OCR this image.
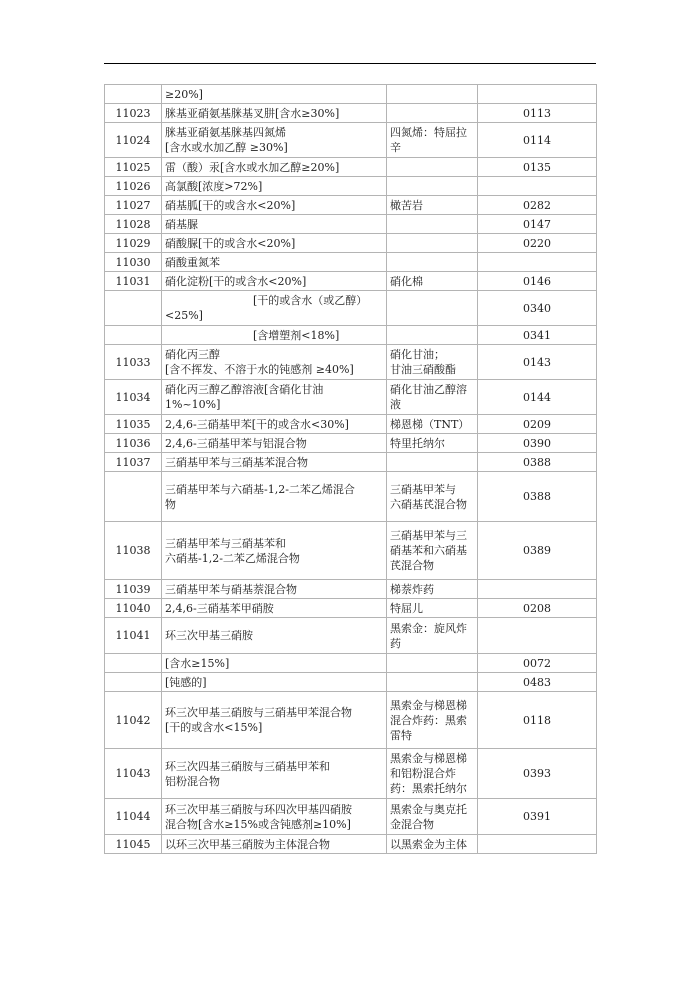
	≥20%]		

11023	脒基亚硝氨基脒基叉肼[含水≥30%]		0113
11024	脒基亚硝氨基脒基四氮烯
[含水或水加乙醇 ≥30%]	四氮烯：特屈拉
辛	0114
11025	雷（酸）汞[含水或水加乙醇≥20%]		0135
11026	高氯酸[浓度>72%]		

11027	硝基胍[干的或含水<20%]	橄苦岩	0282
11028	硝基脲		0147
11029	硝酸脲[干的或含水<20%]		0220
11030	硝酸重氮苯		

11031	硝化淀粉[干的或含水<20%]	硝化棉	0146

	　　　　　　　　[干的或含水（或乙醇）
<25%]		0340

	　　　　　　　　[含增塑剂<18%]		0341
11033	硝化丙三醇
[含不挥发、不溶于水的钝感剂 ≥40%]	硝化甘油；
甘油三硝酸酯	0143
11034	硝化丙三醇乙醇溶液[含硝化甘油
1%~10%]	硝化甘油乙醇溶
液	0144
11035	2,4,6-三硝基甲苯[干的或含水<30%]	梯恩梯（TNT）	0209
11036	2,4,6-三硝基甲苯与铝混合物	特里托纳尔	0390
11037	三硝基甲苯与三硝基苯混合物		0388

	三硝基甲苯与六硝基-1,2-二苯乙烯混合
物	三硝基甲苯与
六硝基芪混合物	0388
11038	三硝基甲苯与三硝基苯和
六硝基-1,2-二苯乙烯混合物	三硝基甲苯与三
硝基苯和六硝基
芪混合物	0389
11039	三硝基甲苯与硝基萘混合物	梯萘炸药	

11040	2,4,6-三硝基苯甲硝胺	特屈儿	0208
11041	环三次甲基三硝胺	黑索金：旋风炸
药	

	[含水≥15%]		0072

	[钝感的]		0483
11042	环三次甲基三硝胺与三硝基甲苯混合物
[干的或含水<15%]	黑索金与梯恩梯
混合炸药：黑索
雷特	0118
11043	环三次四基三硝胺与三硝基甲苯和
铝粉混合物	黑索金与梯恩梯
和铝粉混合炸
药：黑索托纳尔	0393
11044	环三次甲基三硝胺与环四次甲基四硝胺
混合物[含水≥15%或含钝感剂≥10%]	黑索金与奥克托
金混合物	0391
11045	以环三次甲基三硝胺为主体混合物	以黑索金为主体	
